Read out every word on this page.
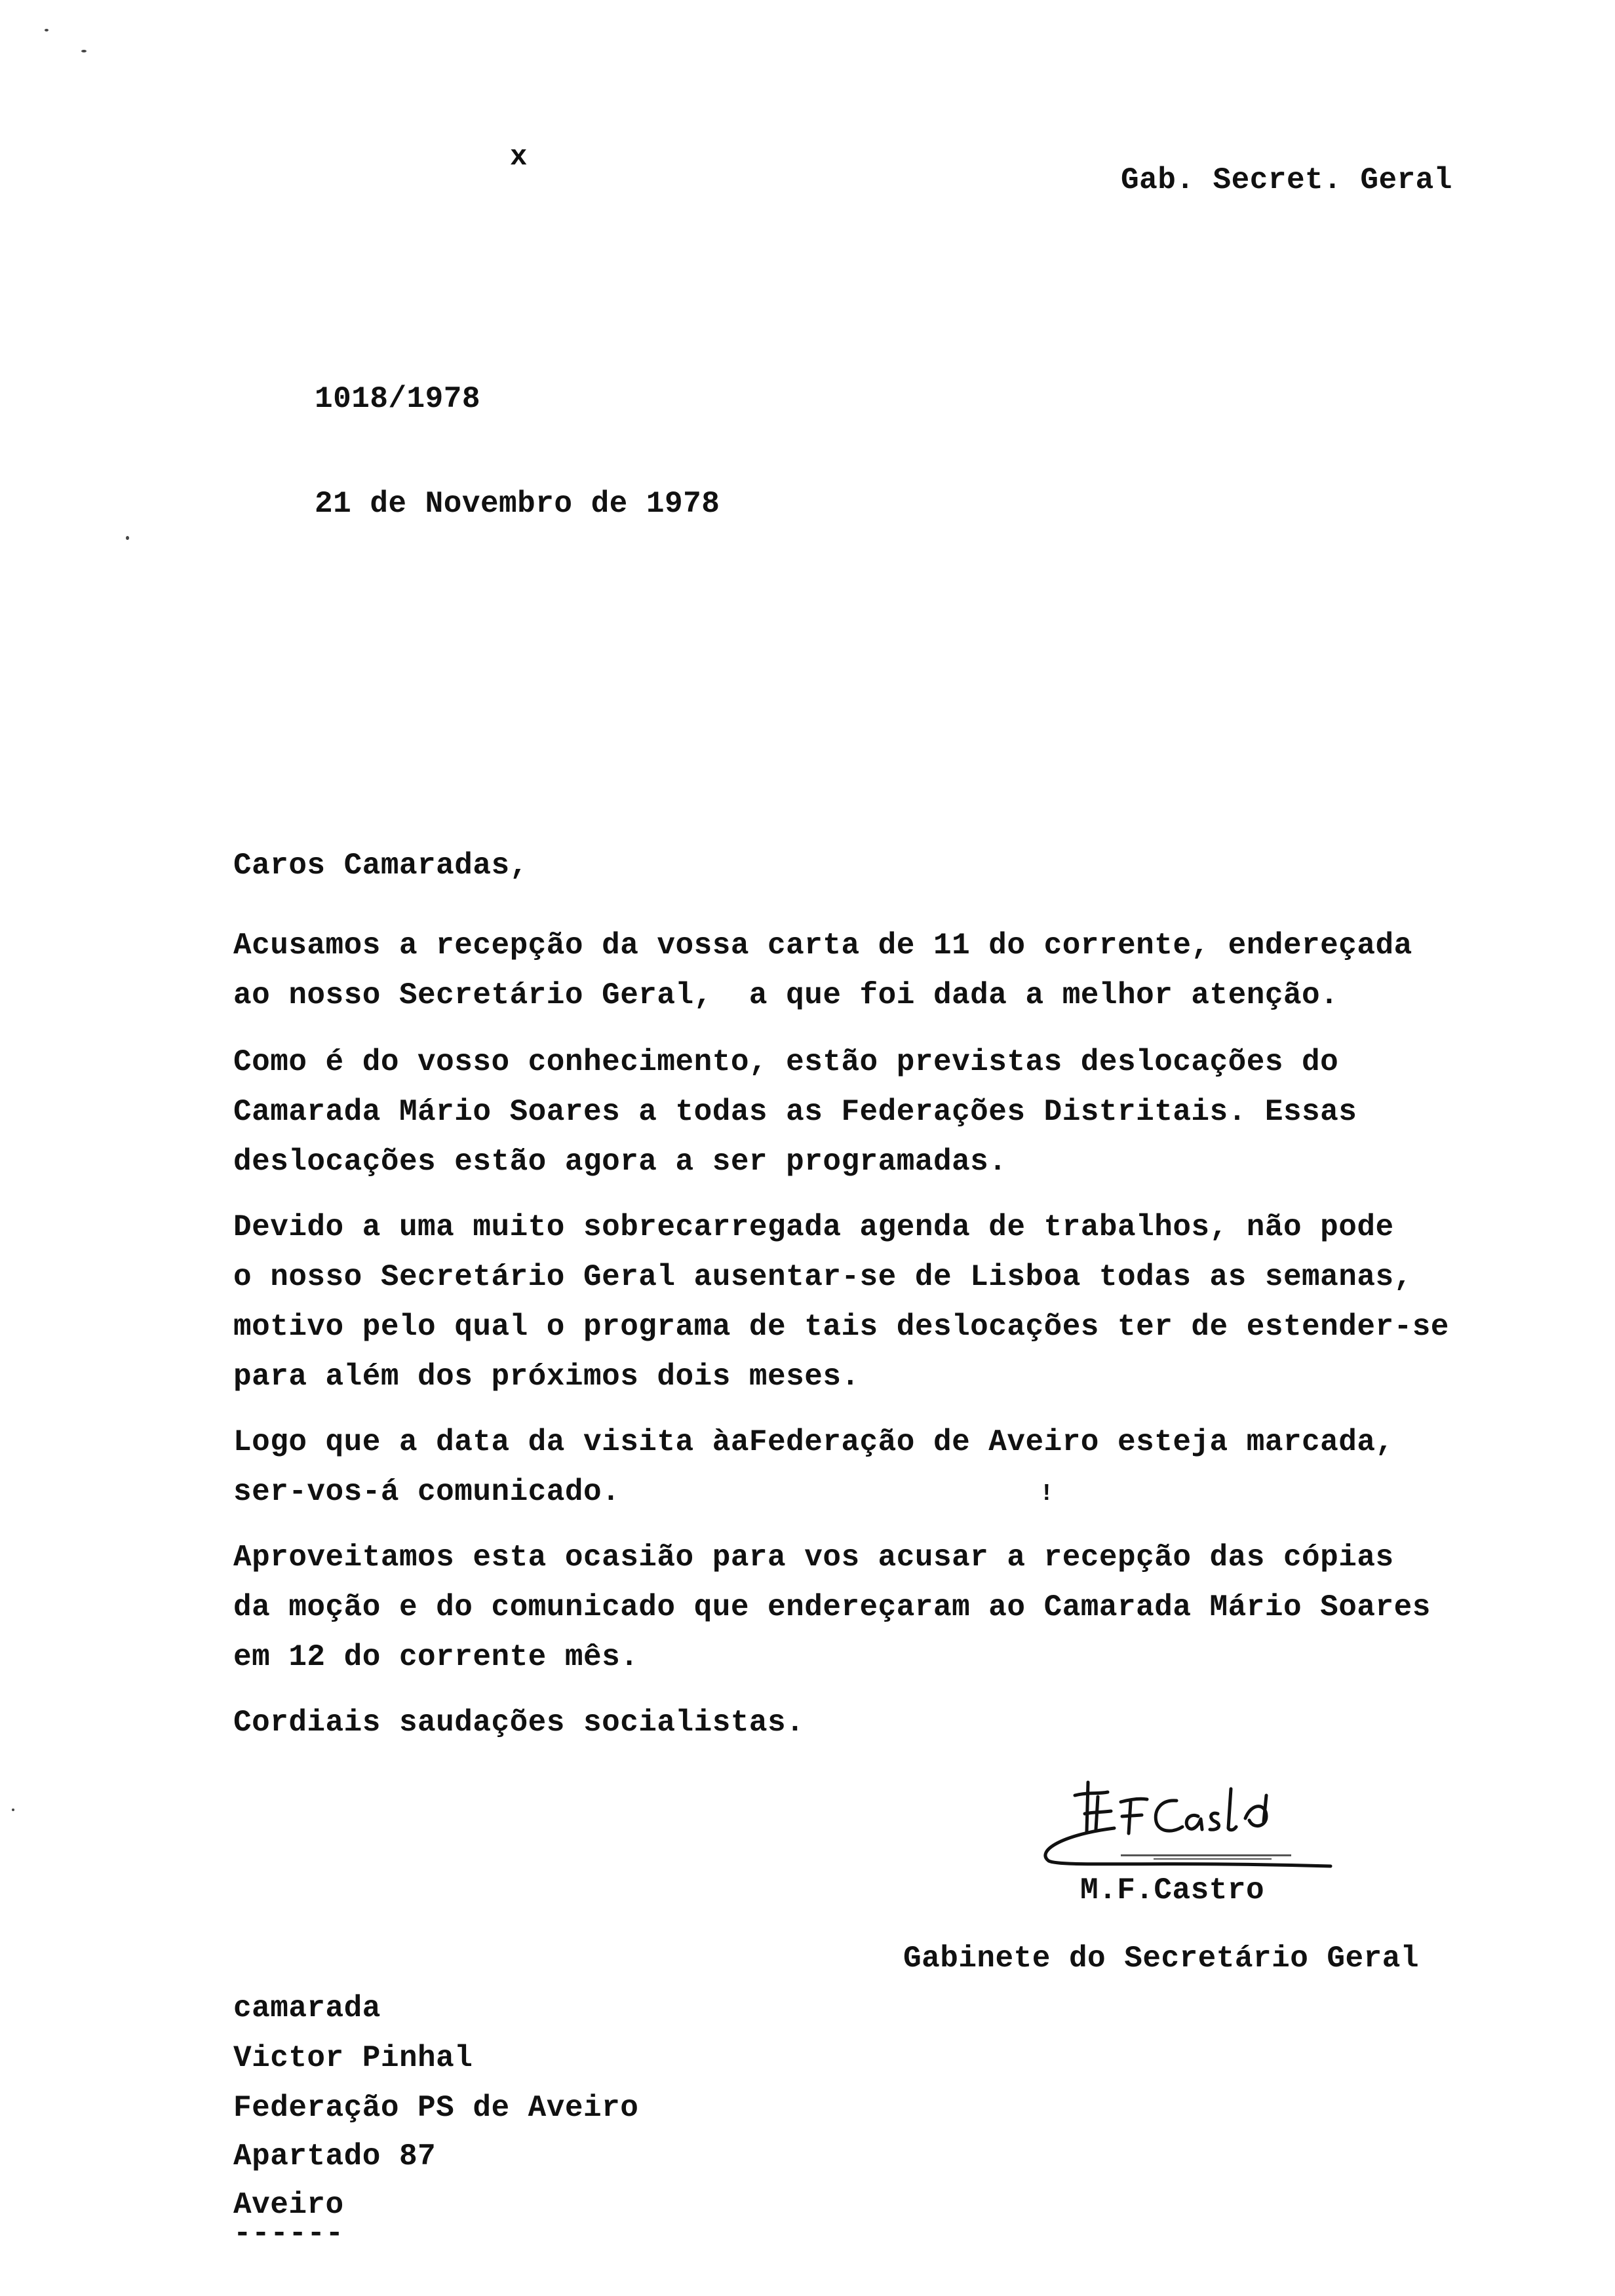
x
Gab. Secret. Geral
1018/1978
21 de Novembro de 1978
Caros Camaradas,
Acusamos a recepção da vossa carta de 11 do corrente, endereçada
ao nosso Secretário Geral,  a que foi dada a melhor atenção.
Como é do vosso conhecimento, estão previstas deslocações do
Camarada Mário Soares a todas as Federações Distritais. Essas
deslocações estão agora a ser programadas.
Devido a uma muito sobrecarregada agenda de trabalhos, não pode
o nosso Secretário Geral ausentar-se de Lisboa todas as semanas,
motivo pelo qual o programa de tais deslocações ter de estender-se
para além dos próximos dois meses.
Logo que a data da visita àaFederação de Aveiro esteja marcada,
ser-vos-á comunicado.	!
Aproveitamos esta ocasião para vos acusar a recepção das cópias
da moção e do comunicado que endereçaram ao Camarada Mário Soares
em 12 do corrente mês.
Cordiais saudações socialistas.
M.F.Castro
Gabinete do Secretário Geral
camarada
Victor Pinhal
Federação PS de Aveiro
Apartado 87
Aveiro
------
